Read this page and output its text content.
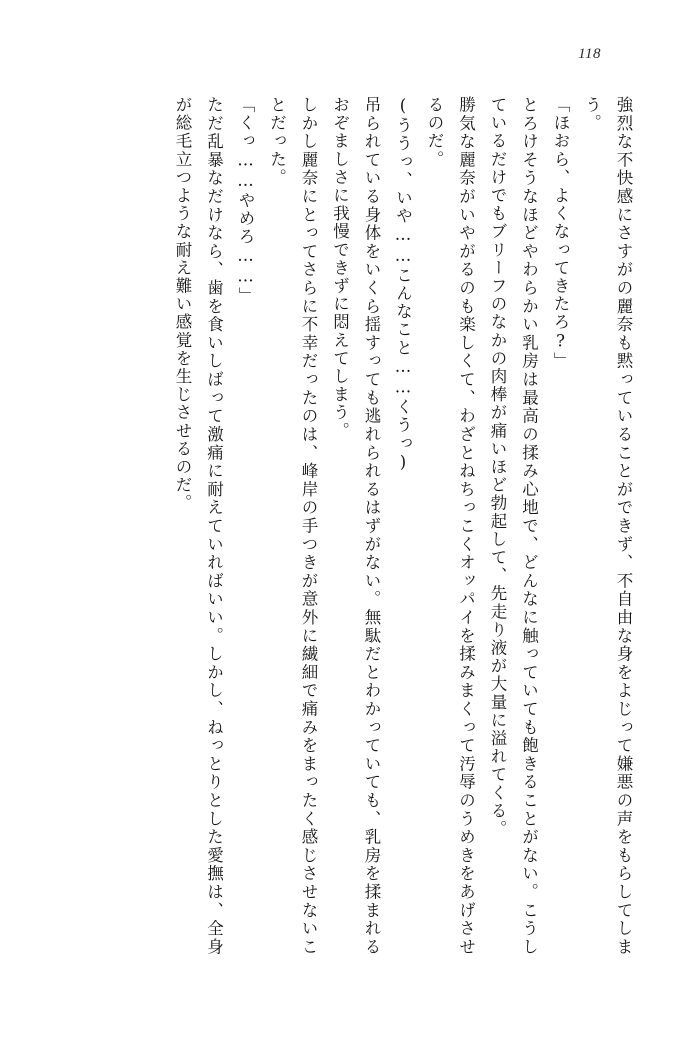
118

強烈な不快感にさすがの麗奈も黙っていることができず、不自由な身をよじって嫌悪の声をもらしてしまう。

「ほおら、よくなってきたろ?」

とろけそうなほどやわらかい乳房は最高の揉み心地で、どんなに触っていても飽きることがない。こうしているだけでもブリーフのなかの肉棒が痛いほど勃起して、先走り液が大量に溢れてくる。

勝気な麗奈がいやがるのも楽しくて、わざとねちっこくオッパイを揉みまくって汚辱のうめきをあげさせるのだ。

(ううっ、いや……こんなこと……くうっ)

吊られている身体をいくら揺すっても逃れられるはずがない。無駄だとわかっていても、乳房を揉まれるおぞましさに我慢できずに悶えてしまう。

しかし麗奈にとってさらに不幸だったのは、峰岸の手つきが意外に繊細で痛みをまったく感じさせないことだった。

「くっ……やめろ……」

ただ乱暴なだけなら、歯を食いしばって激痛に耐えていればいい。しかし、ねっとりとした愛撫は、全身が総毛立つような耐え難い感覚を生じさせるのだ。
